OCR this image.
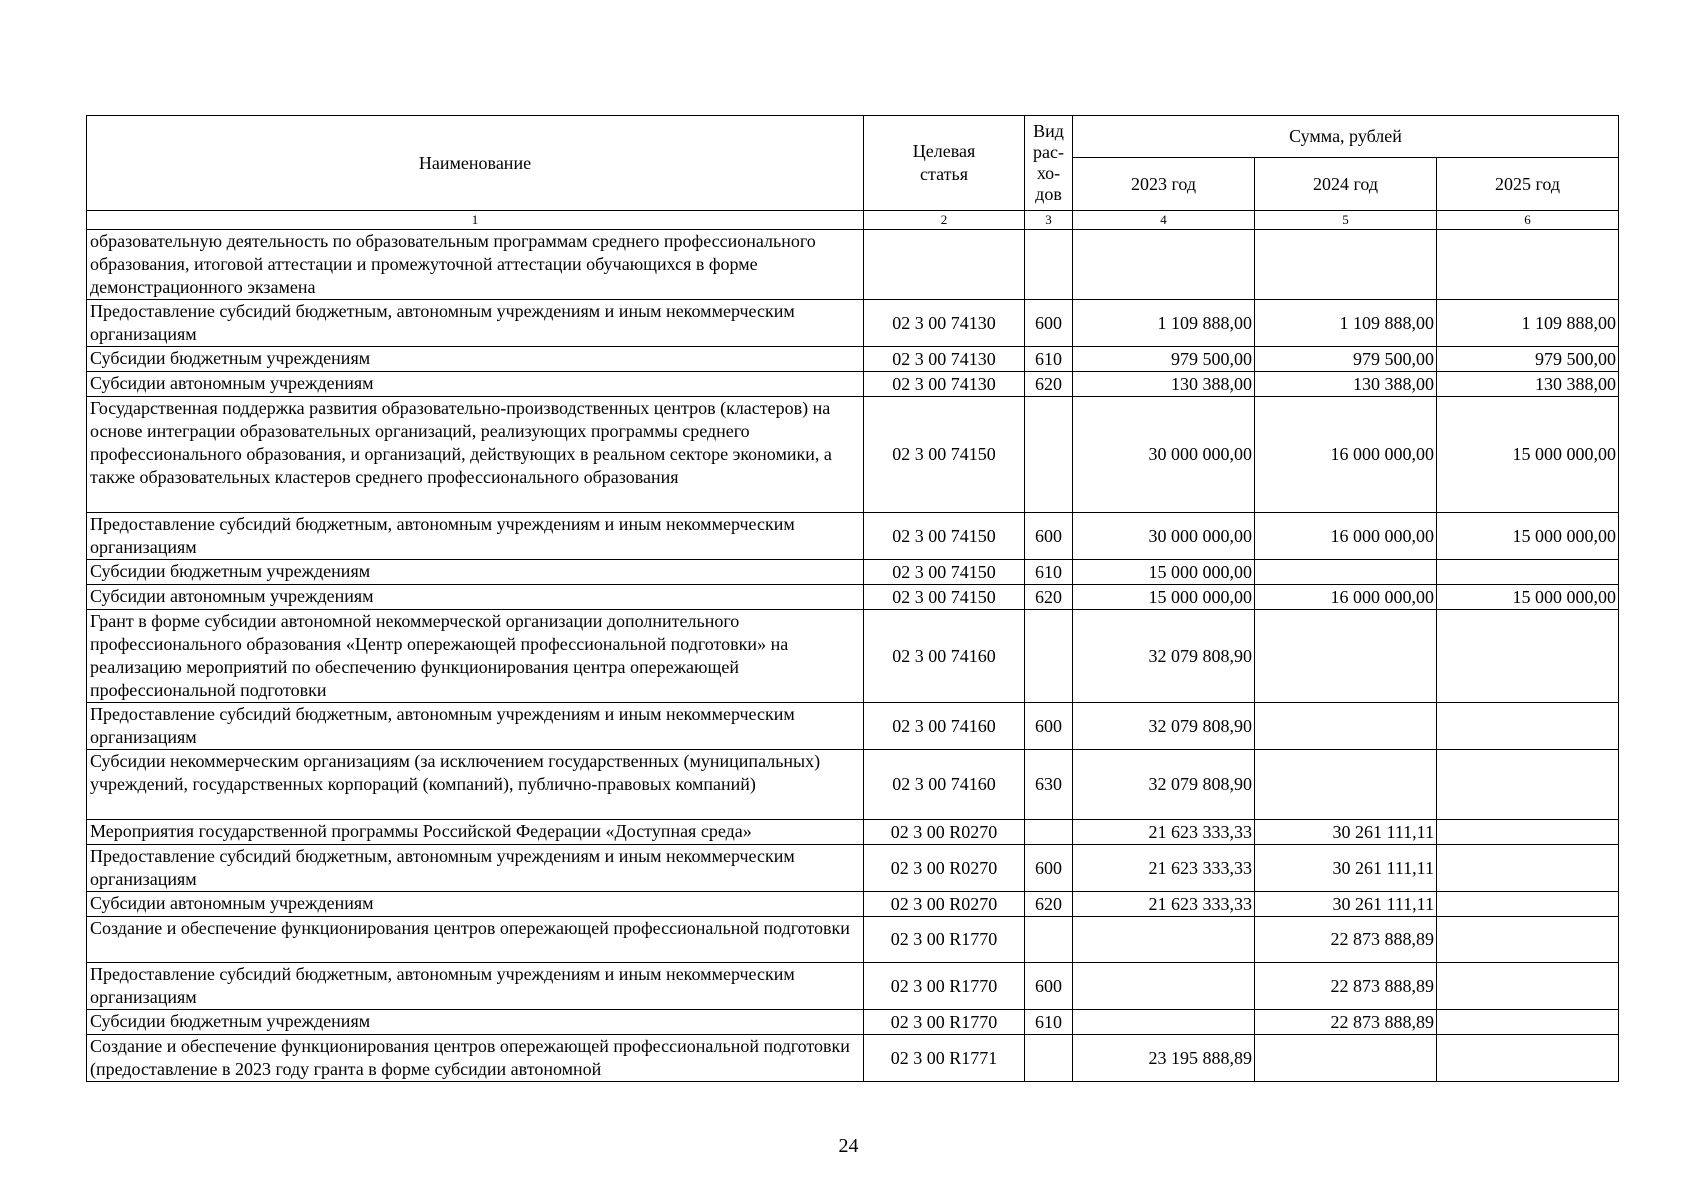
Наименование	Целевая статья	Вид рас-хо-дов	Сумма, рублей		
			2023 год	2024 год	2025 год
1	2	3	4	5	6
образовательную деятельность по образовательным программам среднего профессионального образования, итоговой аттестации и промежуточной аттестации обучающихся в форме демонстрационного экзамена					
Предоставление субсидий бюджетным, автономным учреждениям и иным некоммерческим организациям	02 3 00 74130	600	1 109 888,00	1 109 888,00	1 109 888,00
Субсидии бюджетным учреждениям	02 3 00 74130	610	979 500,00	979 500,00	979 500,00
Субсидии автономным учреждениям	02 3 00 74130	620	130 388,00	130 388,00	130 388,00
Государственная поддержка развития образовательно-производственных центров (кластеров) на основе интеграции образовательных организаций, реализующих программы среднего профессионального образования, и организаций, действующих в реальном секторе экономики, а также образовательных кластеров среднего профессионального образования	02 3 00 74150		30 000 000,00	16 000 000,00	15 000 000,00
Предоставление субсидий бюджетным, автономным учреждениям и иным некоммерческим организациям	02 3 00 74150	600	30 000 000,00	16 000 000,00	15 000 000,00
Субсидии бюджетным учреждениям	02 3 00 74150	610	15 000 000,00		
Субсидии автономным учреждениям	02 3 00 74150	620	15 000 000,00	16 000 000,00	15 000 000,00
Грант в форме субсидии автономной некоммерческой организации дополнительного профессионального образования «Центр опережающей профессиональной подготовки» на реализацию мероприятий по обеспечению функционирования центра опережающей профессиональной подготовки	02 3 00 74160		32 079 808,90		
Предоставление субсидий бюджетным, автономным учреждениям и иным некоммерческим организациям	02 3 00 74160	600	32 079 808,90		
Субсидии некоммерческим организациям (за исключением государственных (муниципальных) учреждений, государственных корпораций (компаний), публично-правовых компаний)	02 3 00 74160	630	32 079 808,90		
Мероприятия государственной программы Российской Федерации «Доступная среда»	02 3 00 R0270		21 623 333,33	30 261 111,11	
Предоставление субсидий бюджетным, автономным учреждениям и иным некоммерческим организациям	02 3 00 R0270	600	21 623 333,33	30 261 111,11	
Субсидии автономным учреждениям	02 3 00 R0270	620	21 623 333,33	30 261 111,11	
Создание и обеспечение функционирования центров опережающей профессиональной подготовки	02 3 00 R1770			22 873 888,89	
Предоставление субсидий бюджетным, автономным учреждениям и иным некоммерческим организациям	02 3 00 R1770	600		22 873 888,89	
Субсидии бюджетным учреждениям	02 3 00 R1770	610		22 873 888,89	
Создание и обеспечение функционирования центров опережающей профессиональной подготовки (предоставление в 2023 году гранта в форме субсидии автономной	02 3 00 R1771		23 195 888,89		
24
